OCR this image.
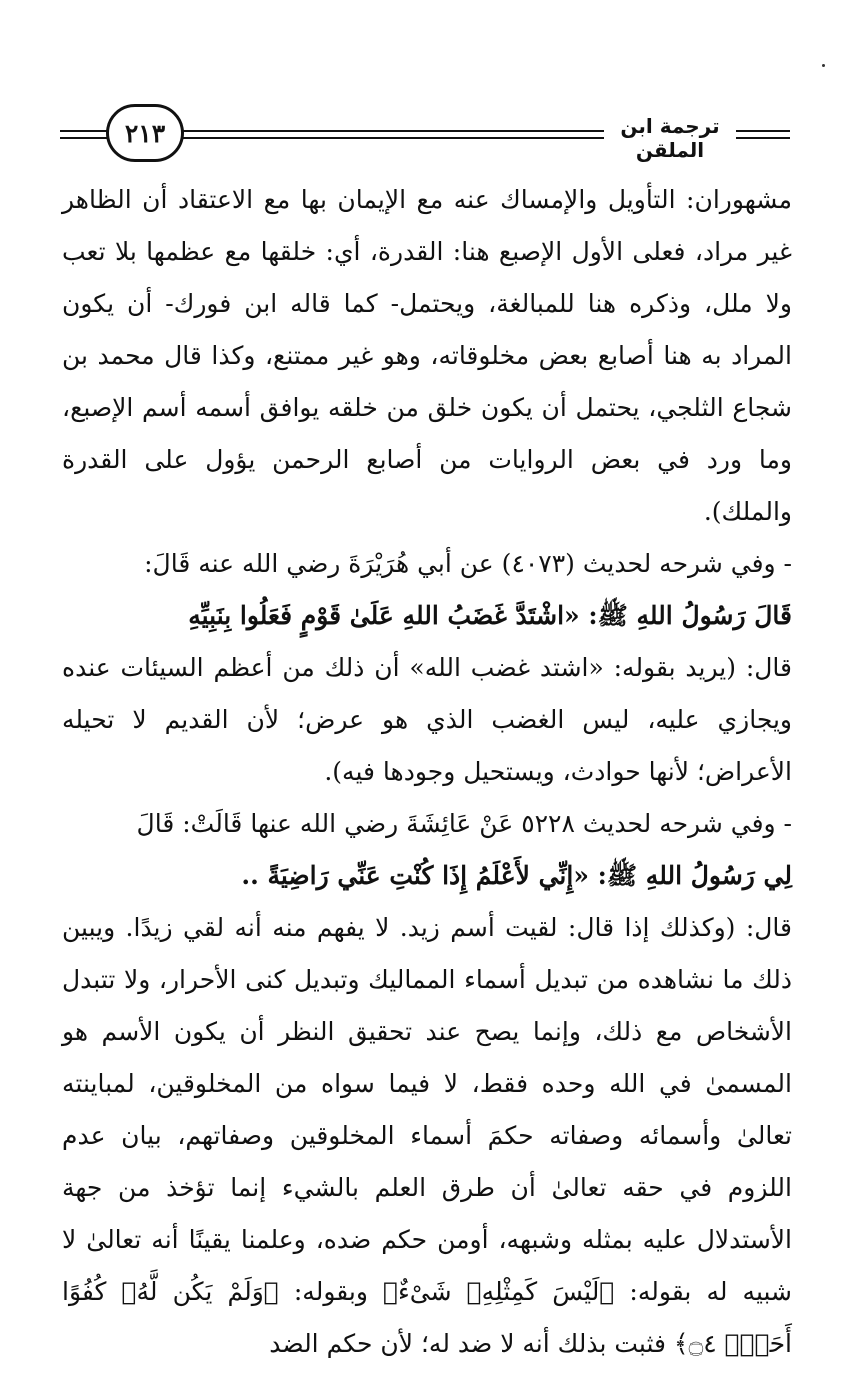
٢١٣	ترجمة ابن الملقن

مشهوران: التأويل والإمساك عنه مع الإيمان بها مع الاعتقاد أن الظاهر غير مراد، فعلى الأول الإصبع هنا: القدرة، أي: خلقها مع عظمها بلا تعب ولا ملل، وذكره هنا للمبالغة، ويحتمل- كما قاله ابن فورك- أن يكون المراد به هنا أصابع بعض مخلوقاته، وهو غير ممتنع، وكذا قال محمد بن شجاع الثلجي، يحتمل أن يكون خلق من خلقه يوافق أسمه أسم الإصبع، وما ورد في بعض الروايات من أصابع الرحمن يؤول على القدرة والملك).

- وفي شرحه لحديث (٤٠٧٣) عن أبي هُرَيْرَةَ رضي الله عنه قَالَ:

قَالَ رَسُولُ اللهِ ﷺ: «اشْتَدَّ غَضَبُ اللهِ عَلَىٰ قَوْمٍ فَعَلُوا بِنَبِيِّهِ

قال: (يريد بقوله: «اشتد غضب الله» أن ذلك من أعظم السيئات عنده ويجازي عليه، ليس الغضب الذي هو عرض؛ لأن القديم لا تحيله الأعراض؛ لأنها حوادث، ويستحيل وجودها فيه).

- وفي شرحه لحديث ٥٢٢٨ عَنْ عَائِشَةَ رضي الله عنها قَالَتْ: قَالَ

لِي رَسُولُ اللهِ ﷺ: «إِنِّي لأَعْلَمُ إِذَا كُنْتِ عَنِّي رَاضِيَةً ..

قال: (وكذلك إذا قال: لقيت أسم زيد. لا يفهم منه أنه لقي زيدًا. ويبين ذلك ما نشاهده من تبديل أسماء المماليك وتبديل كنى الأحرار، ولا تتبدل الأشخاص مع ذلك، وإنما يصح عند تحقيق النظر أن يكون الأسم هو المسمىٰ في الله وحده فقط، لا فيما سواه من المخلوقين، لمباينته تعالىٰ وأسمائه وصفاته حكمَ أسماء المخلوقين وصفاتهم، بيان عدم اللزوم في حقه تعالىٰ أن طرق العلم بالشيء إنما تؤخذ من جهة الأستدلال عليه بمثله وشبهه، أومن حكم ضده، وعلمنا يقينًا أنه تعالىٰ لا شبيه له بقوله: ﴿لَيْسَ كَمِثْلِهِۦ شَىْءٌ﴾ وبقوله: ﴿وَلَمْ يَكُن لَّهُۥ كُفُوًا أَحَدٌۢ ۝٤﴾ فثبت بذلك أنه لا ضد له؛ لأن حكم الضد
